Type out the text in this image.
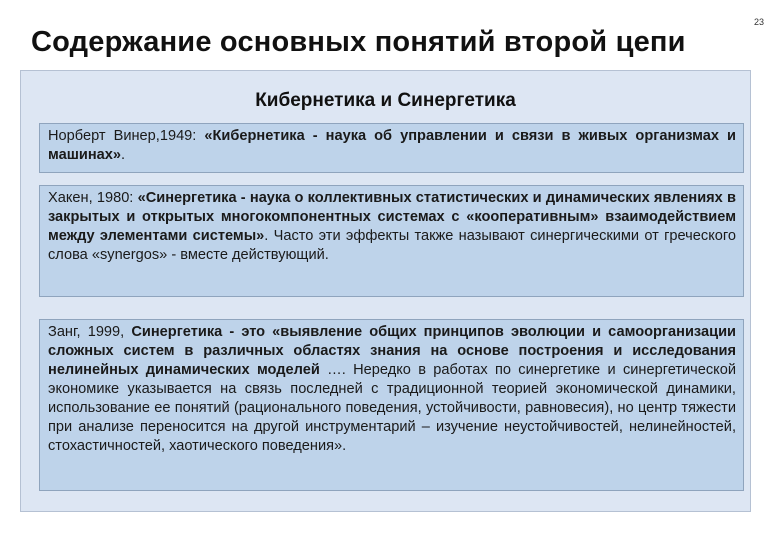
23
Содержание основных понятий второй цепи
Кибернетика и Синергетика
Норберт Винер,1949: «Кибернетика - наука об управлении и связи в живых организмах и машинах».
Хакен, 1980: «Синергетика - наука о коллективных статистических и динамических явлениях в закрытых и открытых многокомпонентных системах с «кооперативным» взаимодействием между элементами системы». Часто эти эффекты также называют синергическими от греческого слова «synergos» - вместе действующий.
Занг, 1999, Синергетика - это «выявление общих принципов эволюции и самоорганизации сложных систем в различных областях знания на основе построения и исследования нелинейных динамических моделей …. Нередко в работах по синергетике и синергетической экономике указывается на связь последней с традиционной теорией экономической динамики, использование ее понятий (рационального поведения, устойчивости, равновесия), но центр тяжести при анализе переносится на другой инструментарий – изучение неустойчивостей, нелинейностей, стохастичностей, хаотического поведения».
